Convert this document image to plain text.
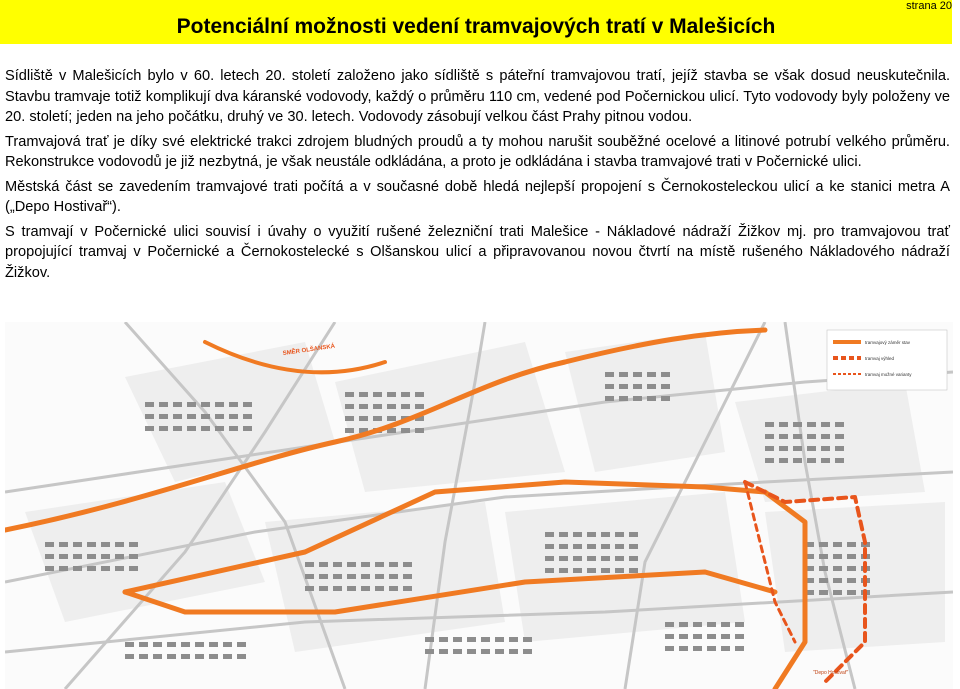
Potenciální možnosti vedení tramvajových tratí v Malešicích
strana 20

Sídliště v Malešicích bylo v 60. letech 20. století založeno jako sídliště s páteřní tramvajovou tratí, jejíž stavba se však dosud neuskutečnila. Stavbu tramvaje totiž komplikují dva káranské vodovody, každý o průměru 110 cm, vedené pod Počernickou ulicí. Tyto vodovody byly položeny ve 20. století; jeden na jeho počátku, druhý ve 30. letech. Vodovody zásobují velkou část Prahy pitnou vodou.

Tramvajová trať je díky své elektrické trakci zdrojem bludných proudů a ty mohou narušit souběžné ocelové a litinové potrubí velkého průměru. Rekonstrukce vodovodů je již nezbytná, je však neustále odkládána, a proto je odkládána i stavba tramvajové trati v Počernické ulici.

Městská část se zavedením tramvajové trati počítá a v současné době hledá nejlepší propojení s Černokosteleckou ulicí a ke stanici metra A („Depo Hostivař“).

S tramvají v Počernické ulici souvisí i úvahy o využití rušené železniční trati Malešice - Nákladové nádraží Žižkov mj. pro tramvajovou trať propojující tramvaj v Počernické a Černokostelecké s Olšanskou ulicí a připravovanou novou čtvrtí na místě rušeného Nákladového nádraží Žižkov.

SMĚR OLŠANSKÁ
"Depo Hostivař"
tramvajový záměr stav
tramvaj výhled
tramvaj možné varianty
